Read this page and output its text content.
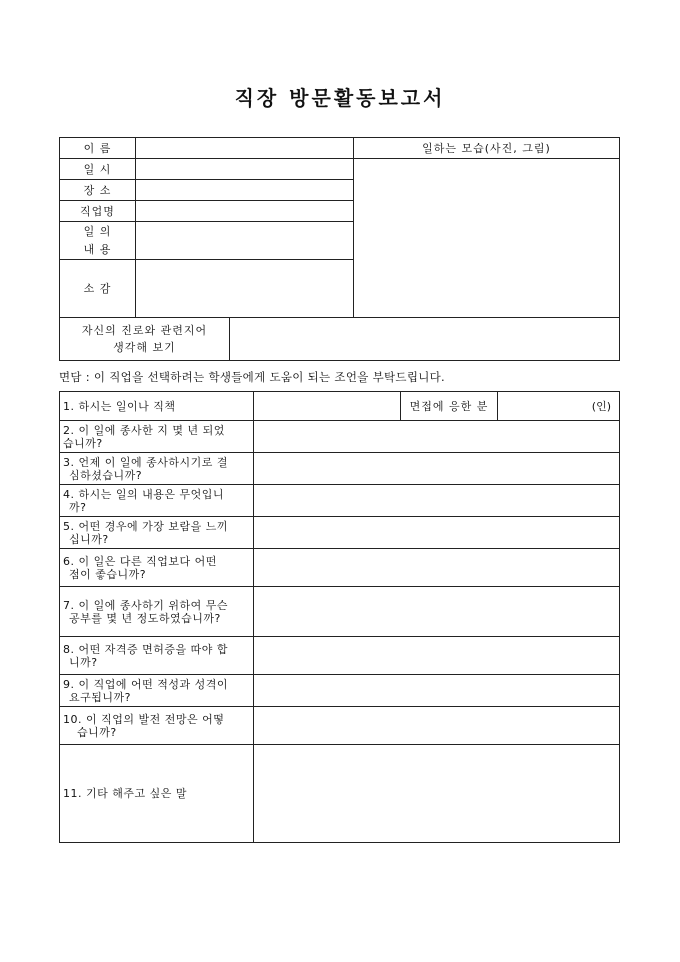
직장 방문활동보고서
이 름		일하는 모습(사진, 그림)
일 시		
장 소		
직업명		

일 의
내 용		

소 감		
자신의 진로와 관련지어
생각해 보기

면담 : 이 직업을 선택하려는 학생들에게 도움이 되는 조언을 부탁드립니다.
1. 하시는 일이나 직책		면접에 응한 분	(인)
2. 이 일에 종사한 지 몇 년 되었
습니까?			

3. 언제 이 일에 종사하시기로 결
심하셨습니까?			

4. 하시는 일의 내용은 무엇입니
까?			

5. 어떤 경우에 가장 보람을 느끼
십니까?			

6. 이 일은 다른 직업보다 어떤
점이 좋습니까?			

7. 이 일에 종사하기 위하여 무슨
공부를 몇 년 정도하였습니까?			

8. 어떤 자격증 면허증을 따야 합
니까?			

9. 이 직업에 어떤 적성과 성격이
요구됩니까?			

10. 이 직업의 발전 전망은 어떻
습니까?			

11. 기타 해주고 싶은 말			
